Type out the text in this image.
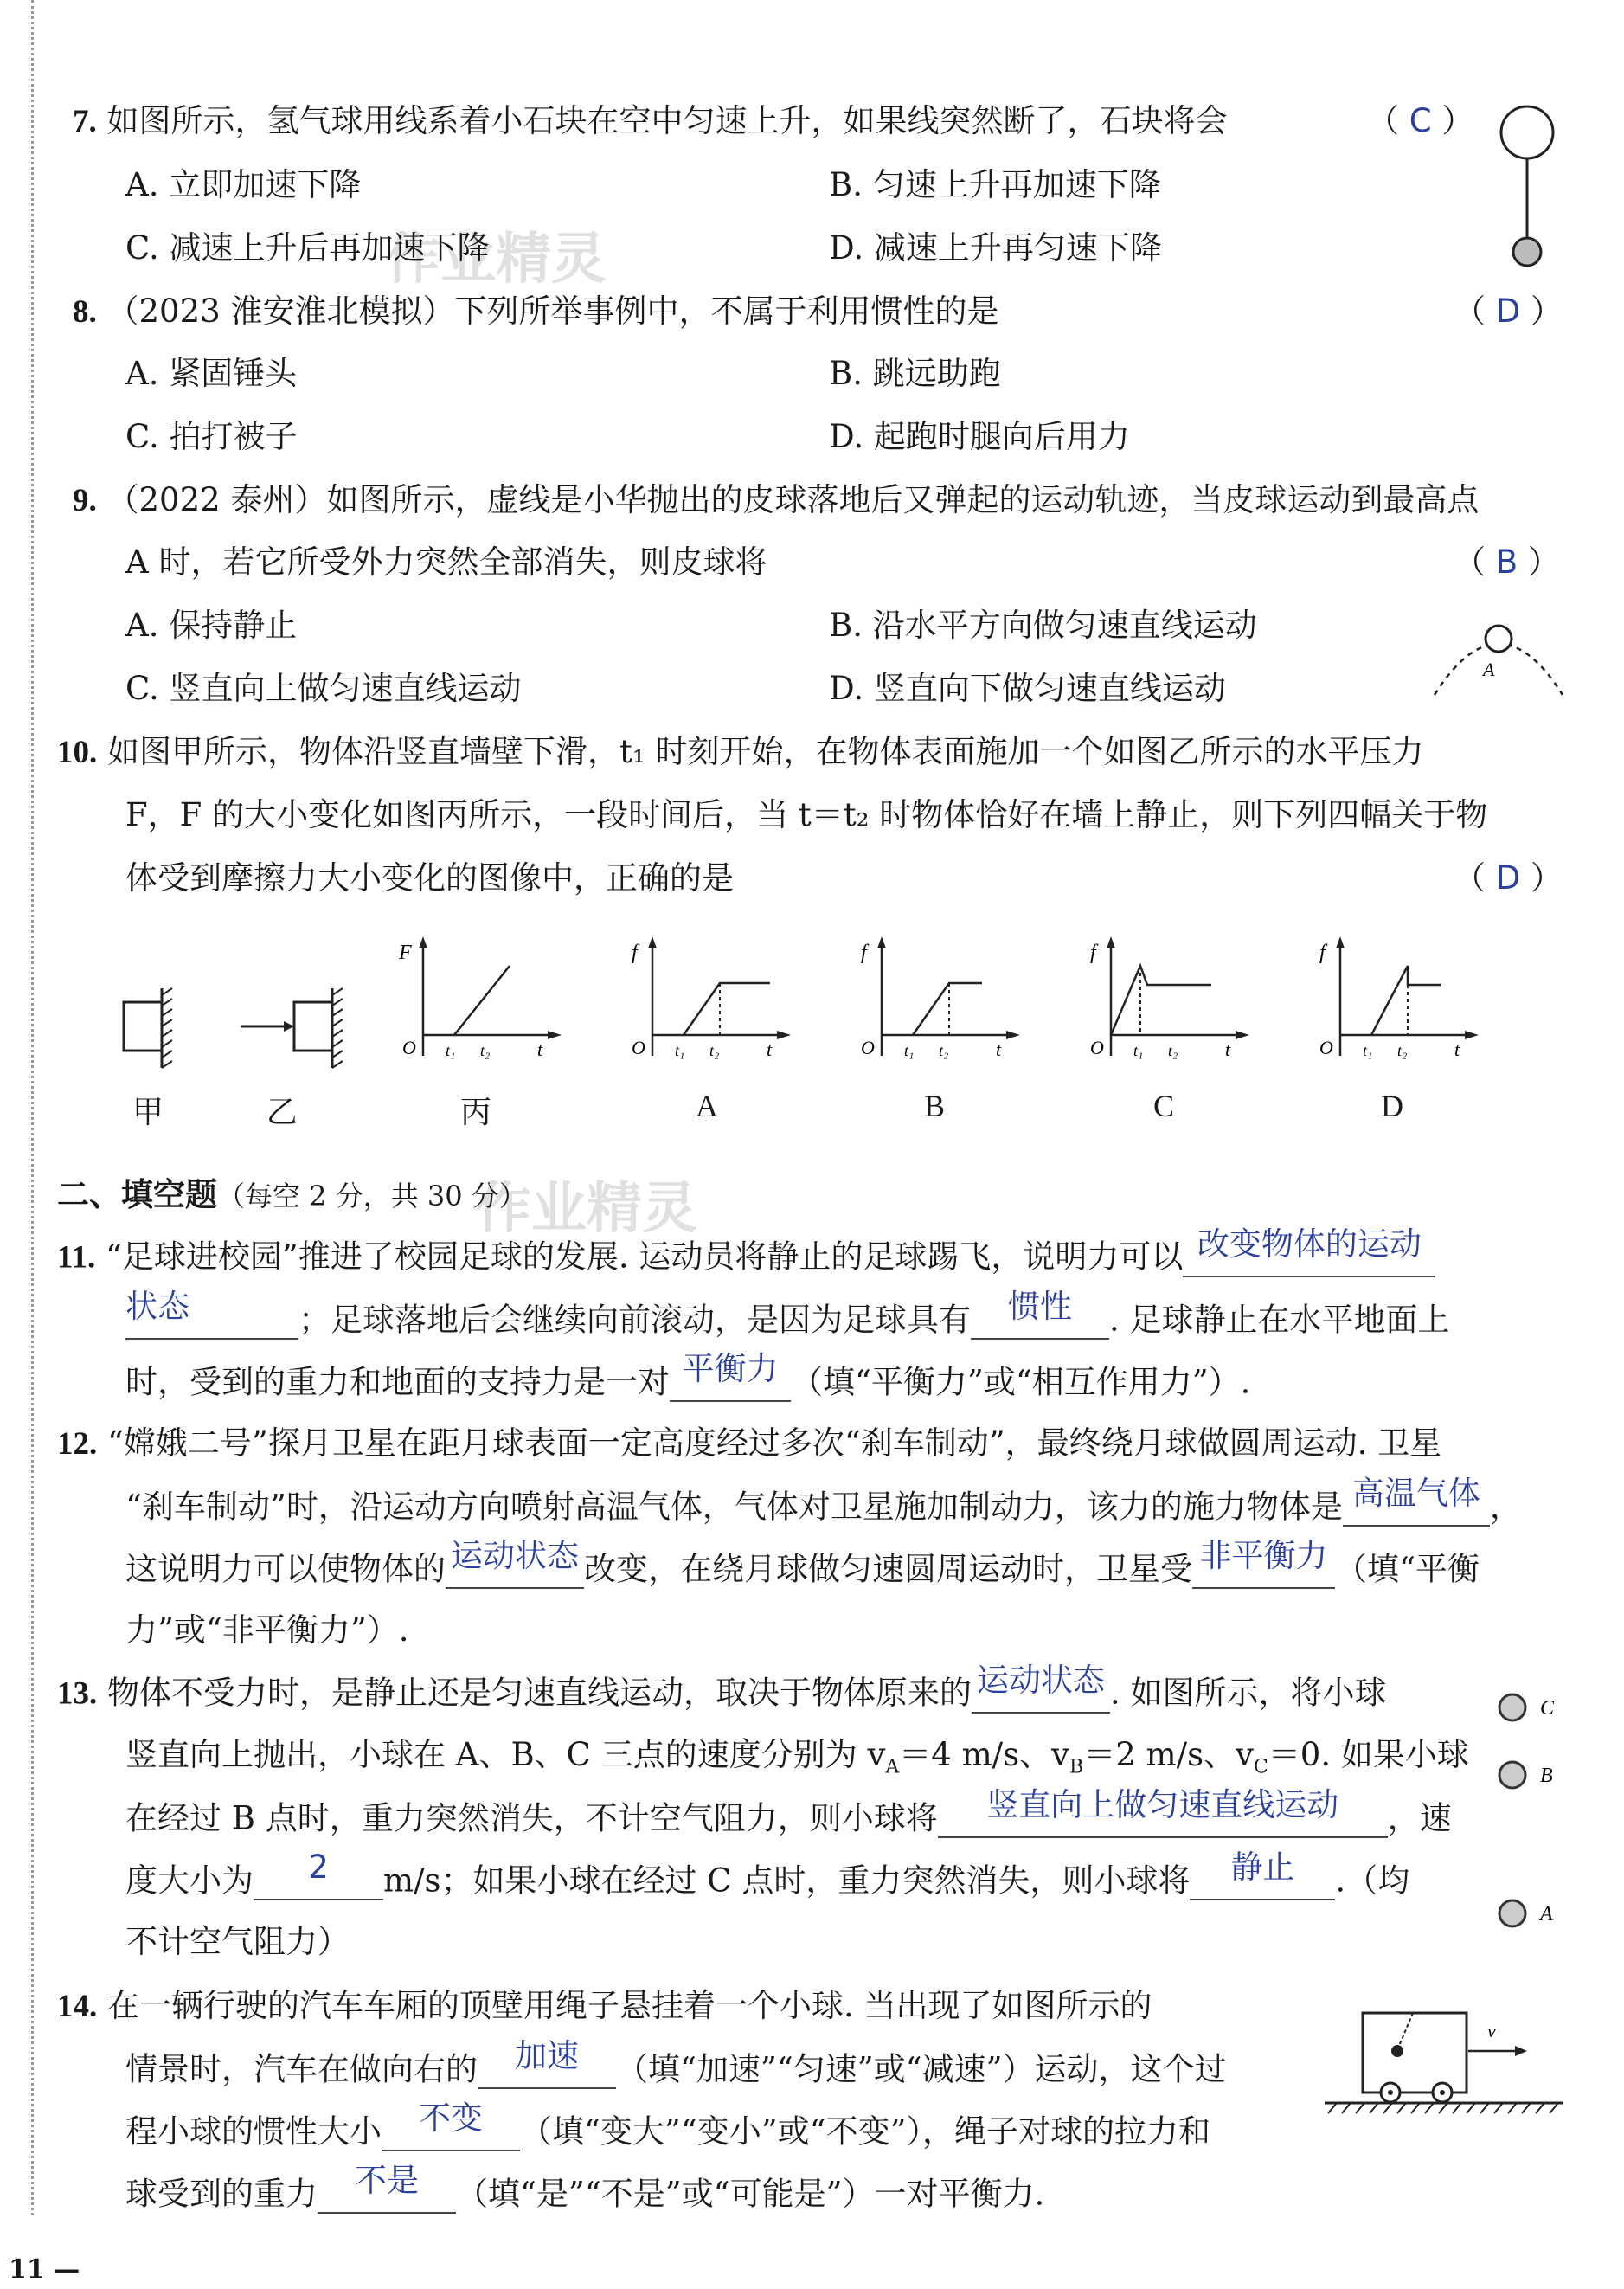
7. 如图所示，氢气球用线系着小石块在空中匀速上升，如果线突然断了，石块将会	（ C ）
A. 立即加速下降	B. 匀速上升再加速下降
C. 减速上升后再加速下降	D. 减速上升再匀速下降
8. （2023 淮安淮北模拟）下列所举事例中，不属于利用惯性的是	（ D ）
A. 紧固锤头	B. 跳远助跑
C. 拍打被子	D. 起跑时腿向后用力
9. （2022 泰州）如图所示，虚线是小华抛出的皮球落地后又弹起的运动轨迹，当皮球运动到最高点
A 时，若它所受外力突然全部消失，则皮球将	（ B ）
A. 保持静止	B. 沿水平方向做匀速直线运动
C. 竖直向上做匀速直线运动	D. 竖直向下做匀速直线运动
A
10. 如图甲所示，物体沿竖直墙壁下滑，t₁ 时刻开始，在物体表面施加一个如图乙所示的水平压力
F，F 的大小变化如图丙所示，一段时间后，当 t＝t₂ 时物体恰好在墙上静止，则下列四幅关于物
体受到摩擦力大小变化的图像中，正确的是	（ D ）
F
O t₁ t₂ t
f
O t₁ t₂ t
f
O t₁ t₂ t
f
O t₁ t₂ t
f
O t₁ t₂ t
甲	乙	丙	A	B	C	D
二、填空题（每空 2 分，共 30 分）
11. “足球进校园”推进了校园足球的发展. 运动员将静止的足球踢飞，说明力可以 改变物体的运动
状态	；足球落地后会继续向前滚动，是因为足球具有 惯性 . 足球静止在水平地面上
时，受到的重力和地面的支持力是一对 平衡力 （填“平衡力”或“相互作用力”）.
12. “嫦娥二号”探月卫星在距月球表面一定高度经过多次“刹车制动”，最终绕月球做圆周运动. 卫星
“刹车制动”时，沿运动方向喷射高温气体，气体对卫星施加制动力，该力的施力物体是 高温气体 ，
这说明力可以使物体的 运动状态 改变，在绕月球做匀速圆周运动时，卫星受 非平衡力 （填“平衡
力”或“非平衡力”）.
13. 物体不受力时，是静止还是匀速直线运动，取决于物体原来的 运动状态 . 如图所示，将小球
竖直向上抛出，小球在 A、B、C 三点的速度分别为 $v_A=4$ m/s、$v_B=2$ m/s、$v_C=0$. 如果小球
在经过 B 点时，重力突然消失，不计空气阻力，则小球将 竖直向上做匀速直线运动 ，速
度大小为 2 m/s；如果小球在经过 C 点时，重力突然消失，则小球将 静止 .（均
不计空气阻力）
C
B
A
14. 在一辆行驶的汽车车厢的顶壁用绳子悬挂着一个小球. 当出现了如图所示的
情景时，汽车在做向右的 加速 （填“加速”“匀速”或“减速”）运动，这个过
程小球的惯性大小 不变 （填“变大”“变小”或“不变”），绳子对球的拉力和
球受到的重力 不是 （填“是”“不是”或“可能是”）一对平衡力.
v
作业精灵
作业精灵
11 —
